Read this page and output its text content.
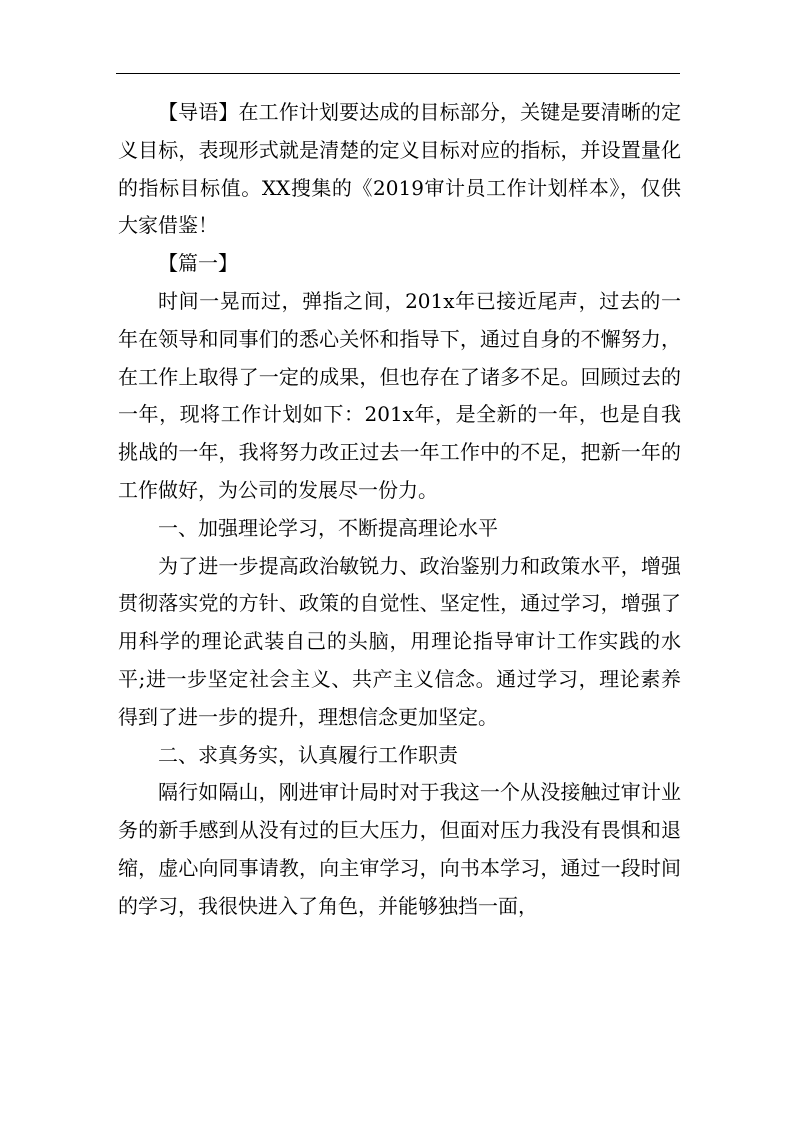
【导语】在工作计划要达成的目标部分，关键是要清晰的定义目标，表现形式就是清楚的定义目标对应的指标，并设置量化的指标目标值。XX搜集的《2019审计员工作计划样本》，仅供大家借鉴！

【篇一】

时间一晃而过，弹指之间，201x年已接近尾声，过去的一年在领导和同事们的悉心关怀和指导下，通过自身的不懈努力，在工作上取得了一定的成果，但也存在了诸多不足。回顾过去的一年，现将工作计划如下：201x年，是全新的一年，也是自我挑战的一年，我将努力改正过去一年工作中的不足，把新一年的工作做好，为公司的发展尽一份力。

一、加强理论学习，不断提高理论水平

为了进一步提高政治敏锐力、政治鉴别力和政策水平，增强贯彻落实党的方针、政策的自觉性、坚定性，通过学习，增强了用科学的理论武装自己的头脑，用理论指导审计工作实践的水平;进一步坚定社会主义、共产主义信念。通过学习，理论素养得到了进一步的提升，理想信念更加坚定。

二、求真务实，认真履行工作职责

隔行如隔山，刚进审计局时对于我这一个从没接触过审计业务的新手感到从没有过的巨大压力，但面对压力我没有畏惧和退缩，虚心向同事请教，向主审学习，向书本学习，通过一段时间的学习，我很快进入了角色，并能够独挡一面，
